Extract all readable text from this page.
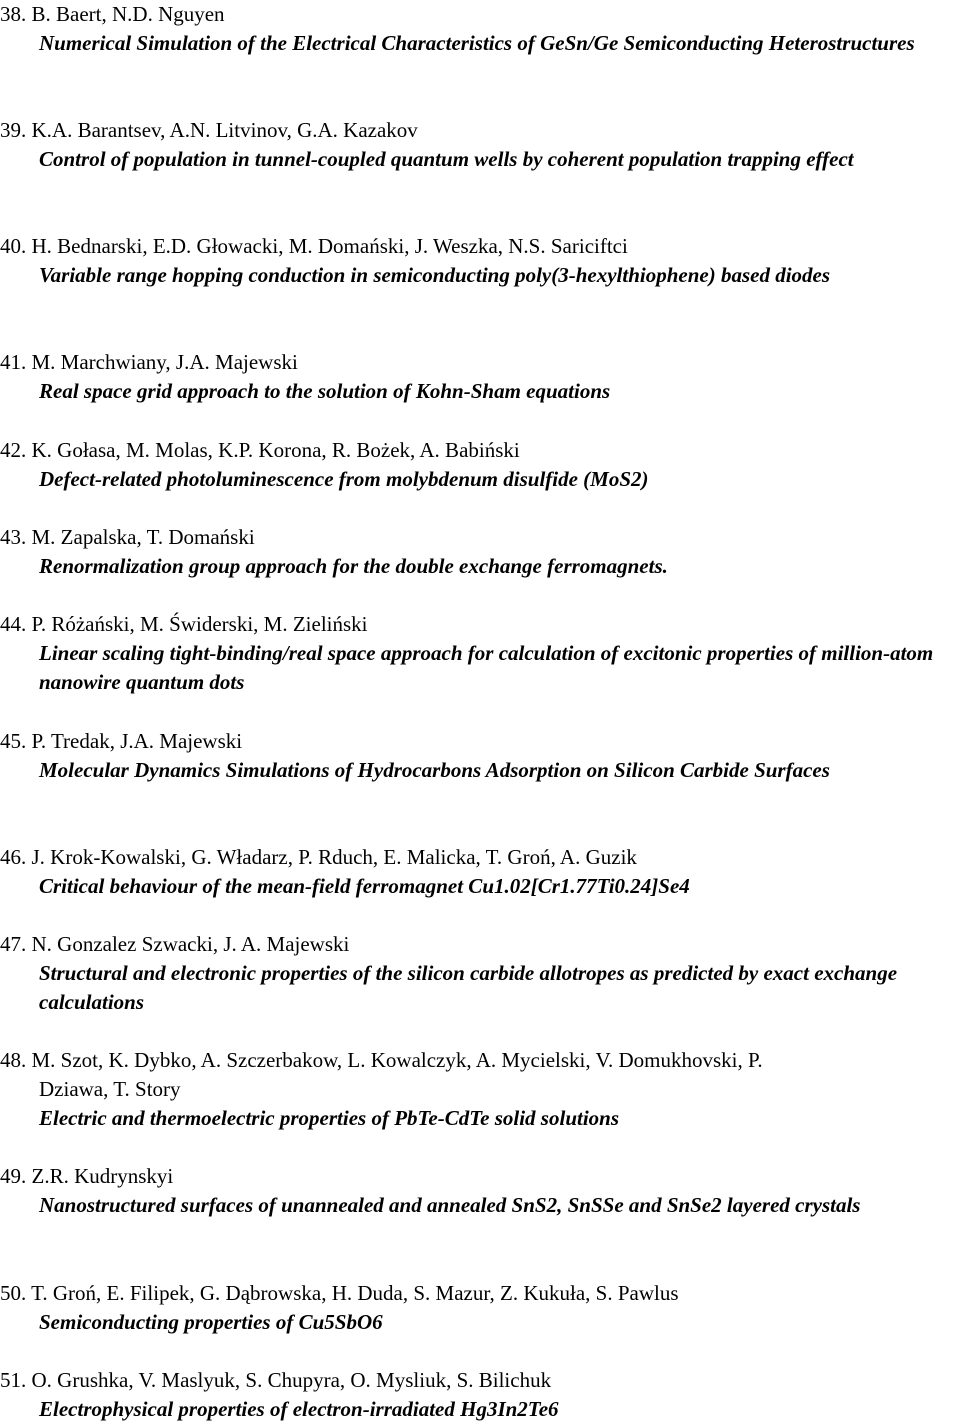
38. B. Baert, N.D. Nguyen
Numerical Simulation of the Electrical Characteristics of GeSn/Ge Semiconducting Heterostructures
39. K.A. Barantsev, A.N. Litvinov, G.A. Kazakov
Control of population in tunnel-coupled quantum wells by coherent population trapping effect
40. H. Bednarski, E.D. Głowacki, M. Domański, J. Weszka, N.S. Sariciftci
Variable range hopping conduction in semiconducting poly(3-hexylthiophene) based diodes
41. M. Marchwiany, J.A. Majewski
Real space grid approach to the solution of Kohn-Sham equations
42. K. Gołasa, M. Molas, K.P. Korona, R. Bożek, A. Babiński
Defect-related photoluminescence from molybdenum disulfide (MoS2)
43. M. Zapalska, T. Domański
Renormalization group approach for the double exchange ferromagnets.
44. P. Różański, M. Świderski, M. Zieliński
Linear scaling tight-binding/real space approach for calculation of excitonic properties of million-atom nanowire quantum dots
45. P. Tredak, J.A. Majewski
Molecular Dynamics Simulations of Hydrocarbons Adsorption on Silicon Carbide Surfaces
46. J. Krok-Kowalski, G. Władarz, P. Rduch, E. Malicka, T. Groń, A. Guzik
Critical behaviour of the mean-field ferromagnet Cu1.02[Cr1.77Ti0.24]Se4
47. N. Gonzalez Szwacki, J. A. Majewski
Structural and electronic properties of the silicon carbide allotropes as predicted by exact exchange calculations
48. M. Szot, K. Dybko, A. Szczerbakow, L. Kowalczyk, A. Mycielski, V. Domukhovski, P.
Dziawa, T. Story
Electric and thermoelectric properties of PbTe-CdTe solid solutions
49. Z.R. Kudrynskyi
Nanostructured surfaces of unannealed and annealed SnS2, SnSSe and SnSe2 layered crystals
50. T. Groń, E. Filipek, G. Dąbrowska, H. Duda, S. Mazur, Z. Kukuła, S. Pawlus
Semiconducting properties of Cu5SbO6
51. O. Grushka, V. Maslyuk, S. Chupyra, O. Mysliuk, S. Bilichuk
Electrophysical properties of electron-irradiated Hg3In2Te6
